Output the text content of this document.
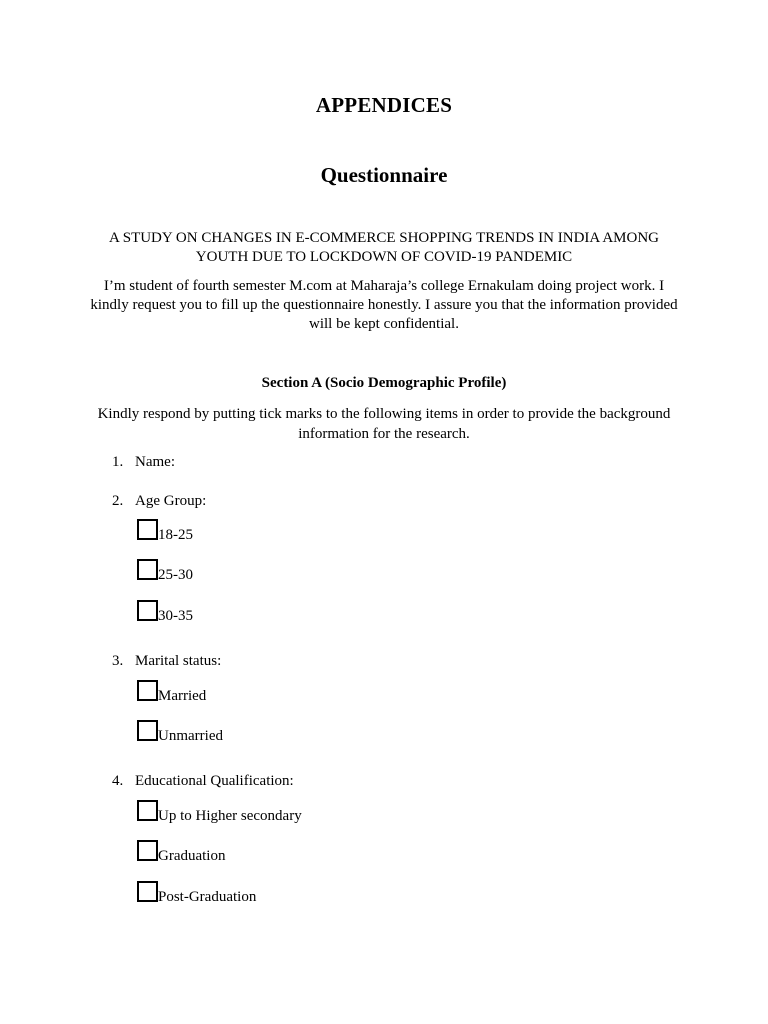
APPENDICES
Questionnaire
A STUDY ON CHANGES IN E-COMMERCE SHOPPING TRENDS IN INDIA AMONG YOUTH DUE TO LOCKDOWN OF COVID-19 PANDEMIC
I’m student of fourth semester M.com at Maharaja’s college Ernakulam doing project work. I kindly request you to fill up the questionnaire honestly. I assure you that the information provided will be kept confidential.
Section A (Socio Demographic Profile)
Kindly respond by putting tick marks to the following items in order to provide the background information for the research.
1. Name:
2. Age Group:
18-25
25-30
30-35
3. Marital status:
Married
Unmarried
4. Educational Qualification:
Up to Higher secondary
Graduation
Post-Graduation
